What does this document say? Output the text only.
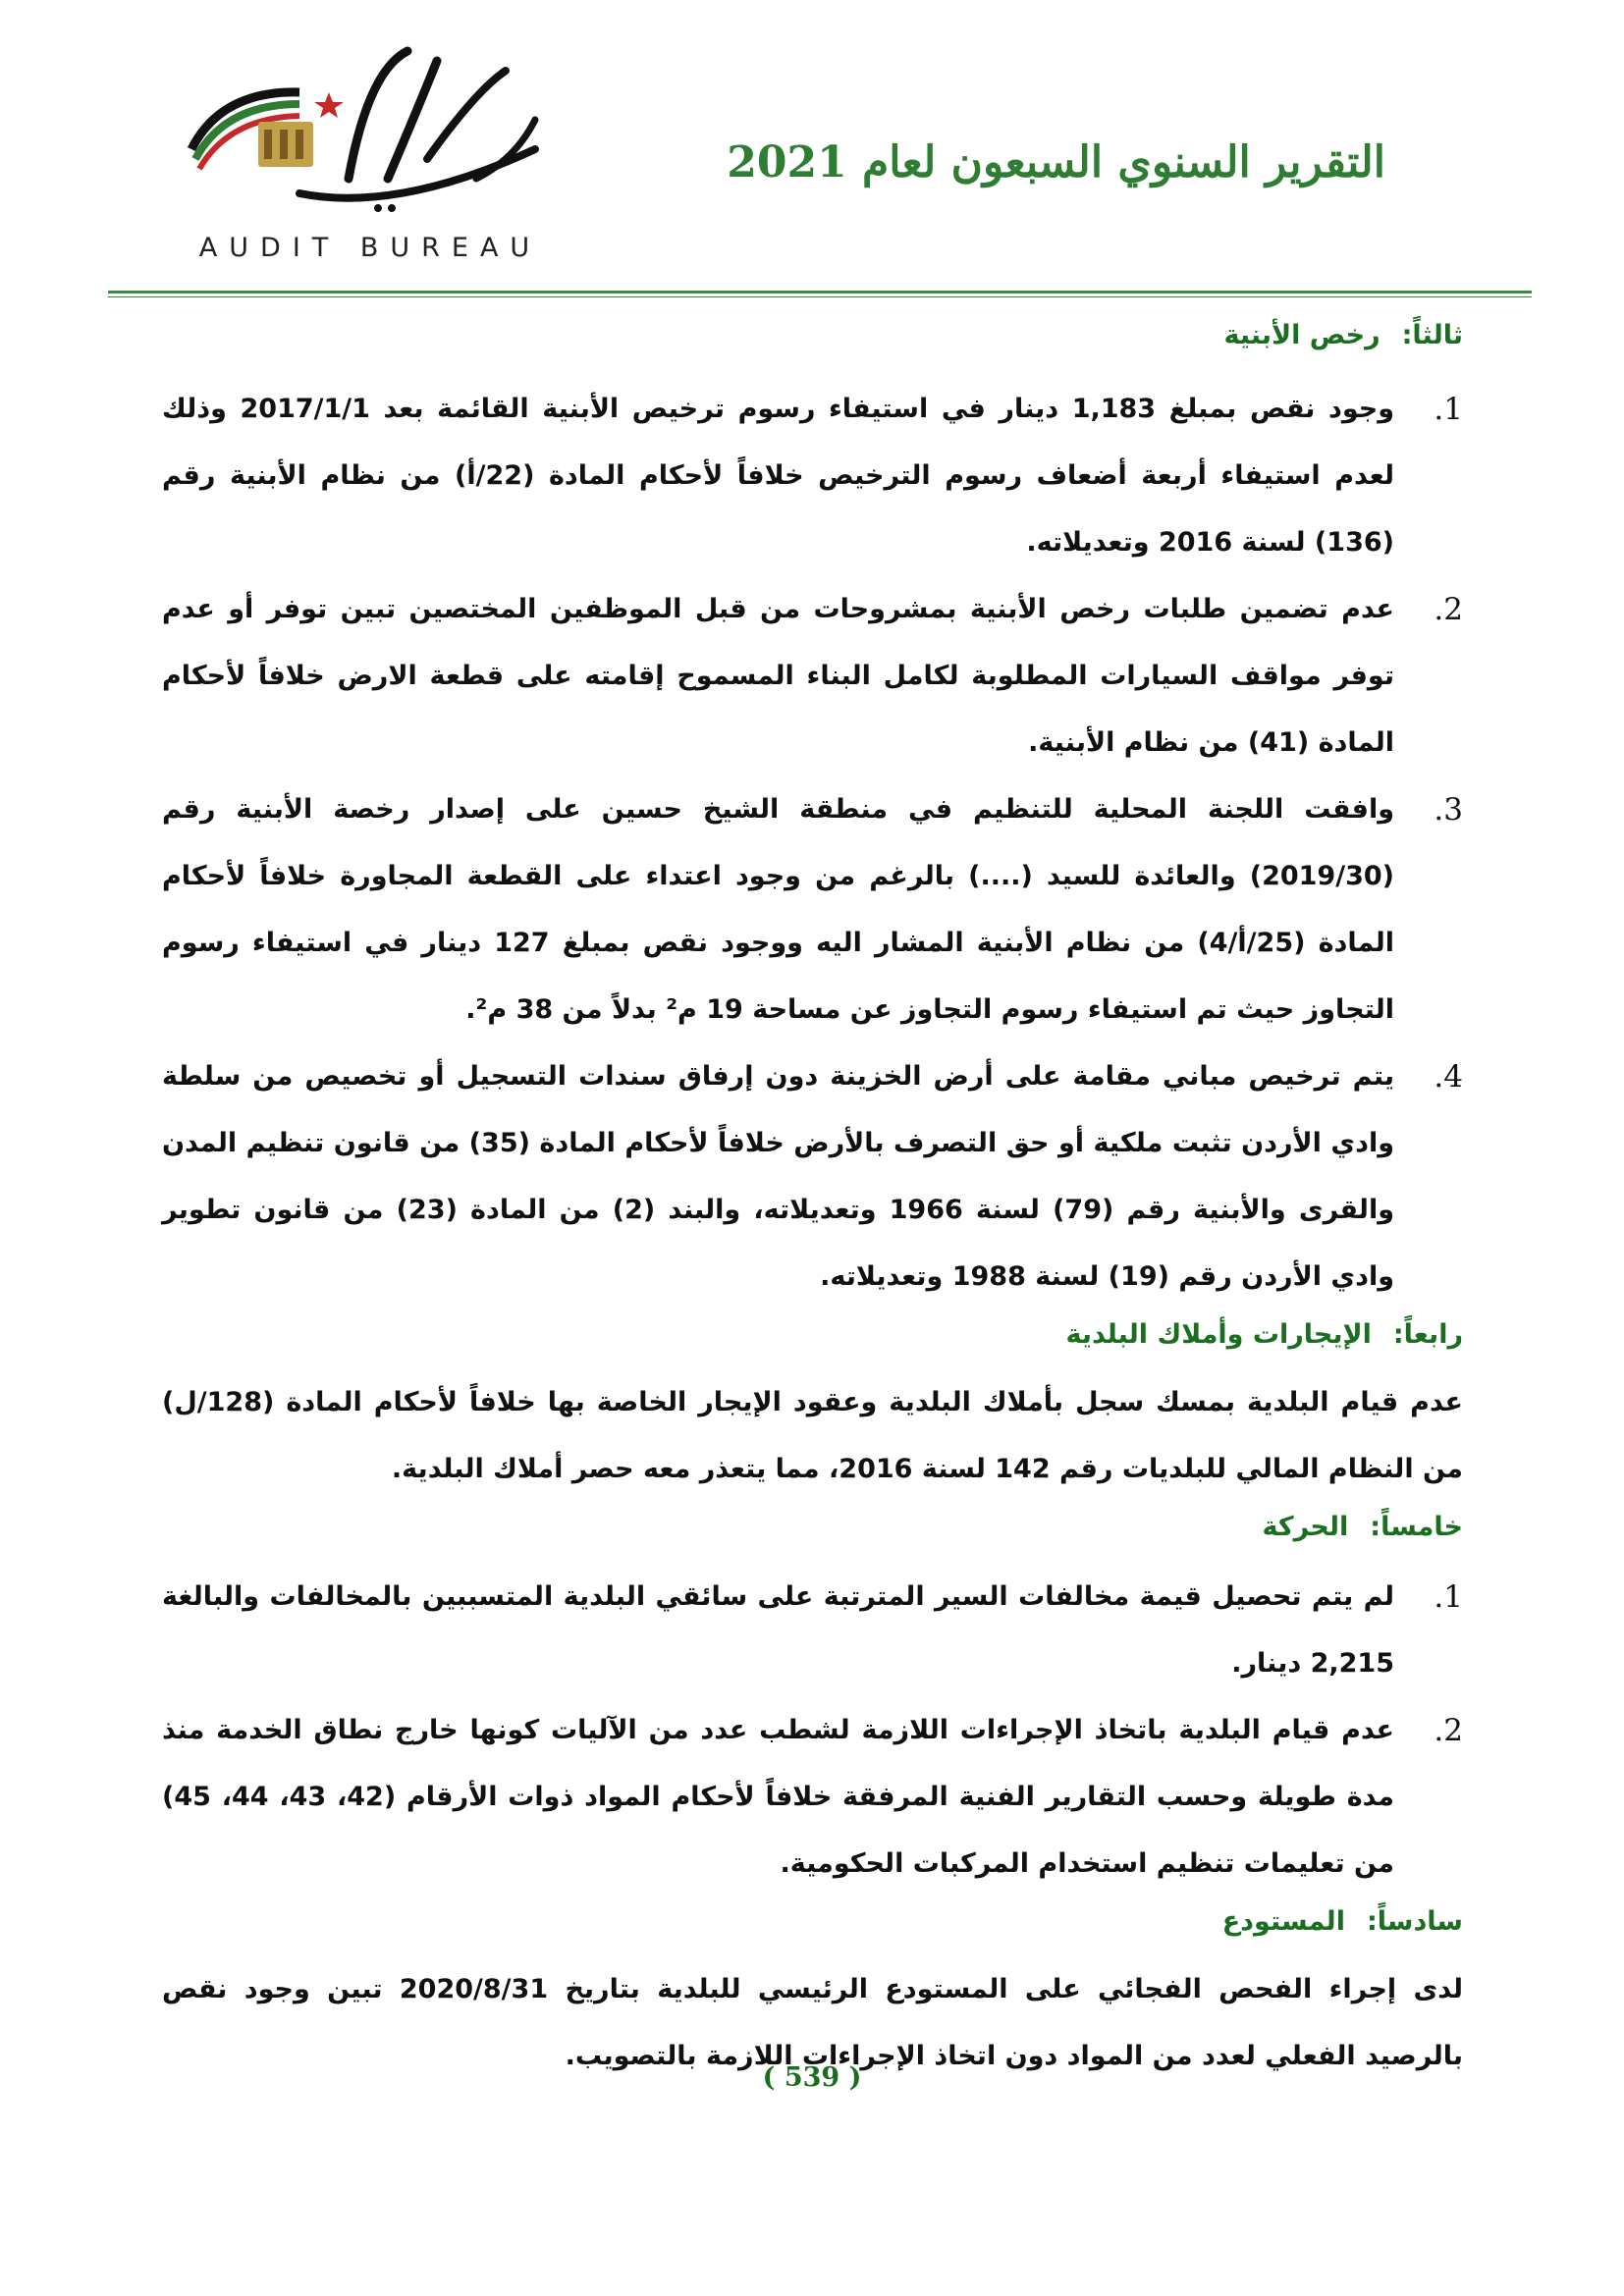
AUDIT BUREAU
التقرير السنوي السبعون لعام 2021
ثالثاً:رخص الأبنية
1.
وجود نقص بمبلغ 1,183 دينار في استيفاء رسوم ترخيص الأبنية القائمة بعد 2017/1/1 وذلك لعدم استيفاء أربعة أضعاف رسوم الترخيص خلافاً لأحكام المادة (22/أ) من نظام الأبنية رقم (136) لسنة 2016 وتعديلاته.
2.
عدم تضمين طلبات رخص الأبنية بمشروحات من قبل الموظفين المختصين تبين توفر أو عدم توفر مواقف السيارات المطلوبة لكامل البناء المسموح إقامته على قطعة الارض خلافاً لأحكام المادة (41) من نظام الأبنية.
3.
وافقت اللجنة المحلية للتنظيم في منطقة الشيخ حسين على إصدار رخصة الأبنية رقم (2019/30) والعائدة للسيد (....) بالرغم من وجود اعتداء على القطعة المجاورة خلافاً لأحكام المادة (25/أ/4) من نظام الأبنية المشار اليه ووجود نقص بمبلغ 127 دينار في استيفاء رسوم التجاوز حيث تم استيفاء رسوم التجاوز عن مساحة 19 م² بدلاً من 38 م².
4.
يتم ترخيص مباني مقامة على أرض الخزينة دون إرفاق سندات التسجيل أو تخصيص من سلطة وادي الأردن تثبت ملكية أو حق التصرف بالأرض خلافاً لأحكام المادة (35) من قانون تنظيم المدن والقرى والأبنية رقم (79) لسنة 1966 وتعديلاته، والبند (2) من المادة (23) من قانون تطوير وادي الأردن رقم (19) لسنة 1988 وتعديلاته.
رابعاً:الإيجارات وأملاك البلدية

عدم قيام البلدية بمسك سجل بأملاك البلدية وعقود الإيجار الخاصة بها خلافاً لأحكام المادة (128/ل) من النظام المالي للبلديات رقم 142 لسنة 2016، مما يتعذر معه حصر أملاك البلدية.

خامساً:الحركة
1.
لم يتم تحصيل قيمة مخالفات السير المترتبة على سائقي البلدية المتسببين بالمخالفات والبالغة 2,215 دينار.
2.
عدم قيام البلدية باتخاذ الإجراءات اللازمة لشطب عدد من الآليات كونها خارج نطاق الخدمة منذ مدة طويلة وحسب التقارير الفنية المرفقة خلافاً لأحكام المواد ذوات الأرقام (42، 43، 44، 45) من تعليمات تنظيم استخدام المركبات الحكومية.
سادساً:المستودع

لدى إجراء الفحص الفجائي على المستودع الرئيسي للبلدية بتاريخ 2020/8/31 تبين وجود نقص بالرصيد الفعلي لعدد من المواد دون اتخاذ الإجراءات اللازمة بالتصويب.

( 539 )
